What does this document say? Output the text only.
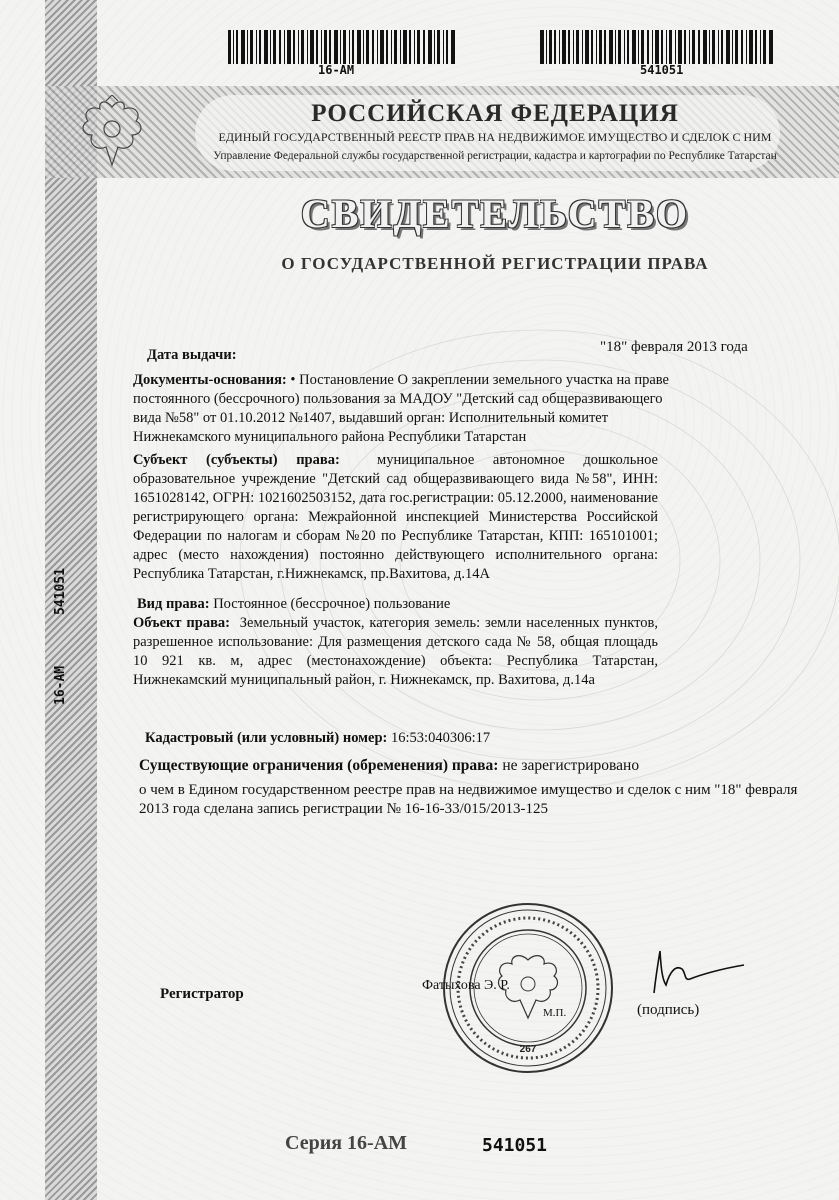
16-АМ	541051
РОССИЙСКАЯ ФЕДЕРАЦИЯ
ЕДИНЫЙ ГОСУДАРСТВЕННЫЙ РЕЕСТР ПРАВ НА НЕДВИЖИМОЕ ИМУЩЕСТВО И СДЕЛОК С НИМ
Управление Федеральной службы государственной регистрации, кадастра и картографии по Республике Татарстан
СВИДЕТЕЛЬСТВО
О ГОСУДАРСТВЕННОЙ РЕГИСТРАЦИИ ПРАВА
541051
16-АМ
Дата выдачи:	"18" февраля 2013 года
Документы-основания: • Постановление О закреплении земельного участка на праве постоянного (бессрочного) пользования за МАДОУ "Детский сад общеразвивающего вида №58" от 01.10.2012 №1407, выдавший орган: Исполнительный комитет Нижнекамского муниципального района Республики Татарстан
Субъект (субъекты) права:	муниципальное автономное дошкольное образовательное учреждение "Детский сад общеразвивающего вида №58", ИНН: 1651028142, ОГРН: 1021602503152, дата гос.регистрации: 05.12.2000, наименование регистрирующего органа: Межрайонной инспекцией Министерства Российской Федерации по налогам и сборам №20 по Республике Татарстан, КПП: 165101001; адрес (место нахождения) постоянно действующего исполнительного органа: Республика Татарстан, г.Нижнекамск, пр.Вахитова, д.14А
Вид права: Постоянное (бессрочное) пользование
Объект права: Земельный участок, категория земель: земли населенных пунктов, разрешенное использование: Для размещения детского сада № 58, общая площадь 10 921 кв. м, адрес (местонахождение) объекта: Республика Татарстан, Нижнекамский муниципальный район, г. Нижнекамск, пр. Вахитова, д.14а
Кадастровый (или условный) номер: 16:53:040306:17
Существующие ограничения (обременения) права: не зарегистрировано
о чем в Едином государственном реестре прав на недвижимое имущество и сделок с ним "18" февраля 2013 года сделана запись регистрации № 16-16-33/015/2013-125
267
Регистратор
Фатыхова Э. Р.
М.П.	(подпись)
Серия 16-АМ	541051
